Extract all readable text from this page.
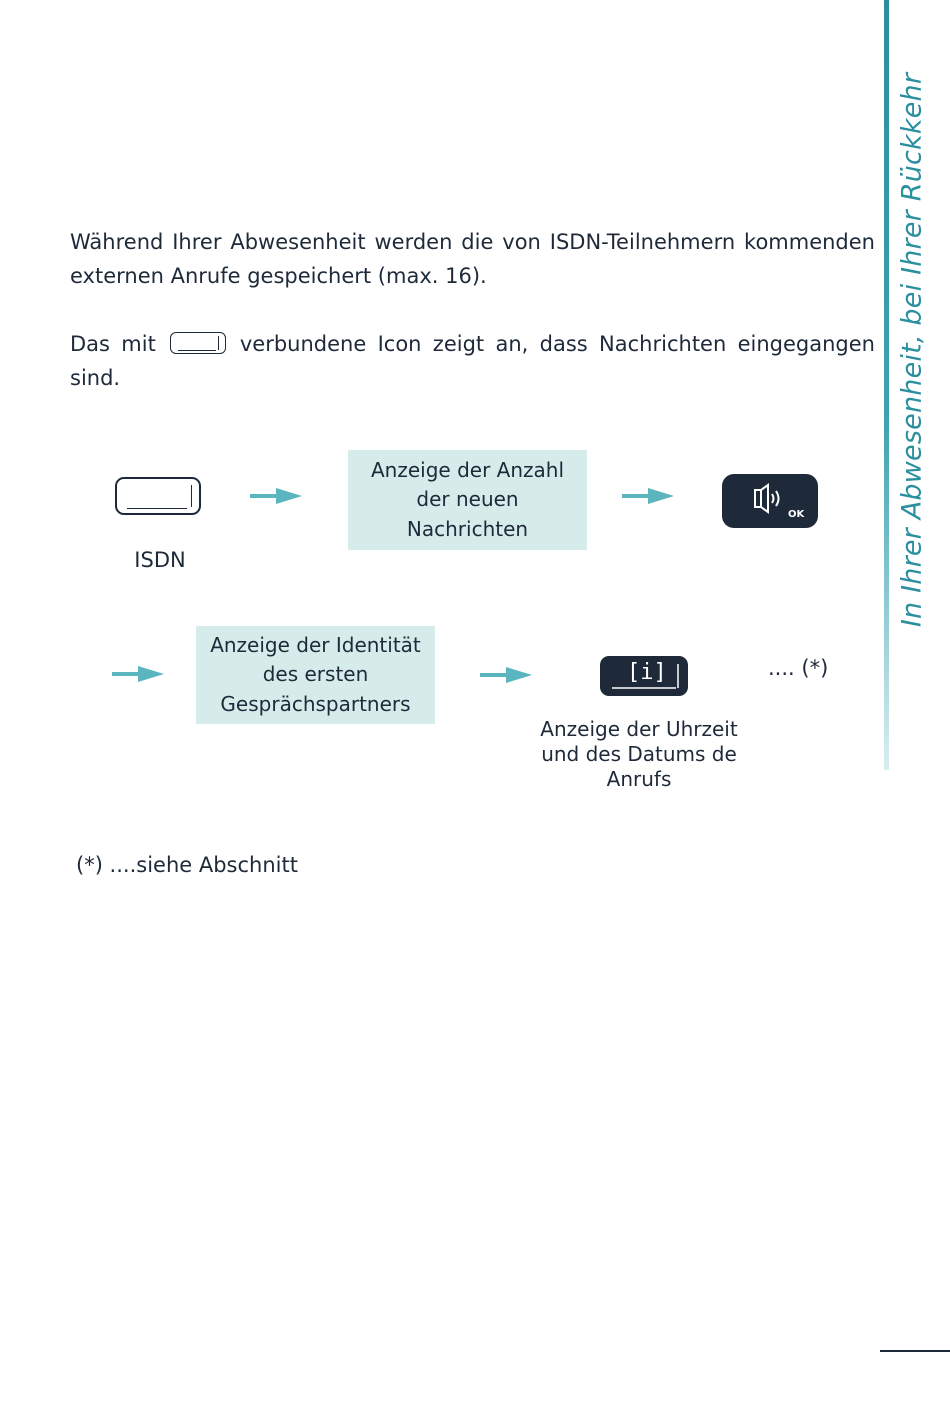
In Ihrer Abwesenheit, bei Ihrer Rückkehr

Während Ihrer Abwesenheit werden die von ISDN-Teilnehmern kommenden externen Anrufe gespeichert (max. 16).

Das mit	verbundene Icon zeigt an, dass Nachrichten eingegangen sind.

ISDN
Anzeige der Anzahl der neuen Nachrichten
OK
Anzeige der Identität des ersten Gesprächspartners
[i]	.... (*)
Anzeige der Uhrzeit und des Datums de Anrufs
(*) ....siehe Abschnitt
